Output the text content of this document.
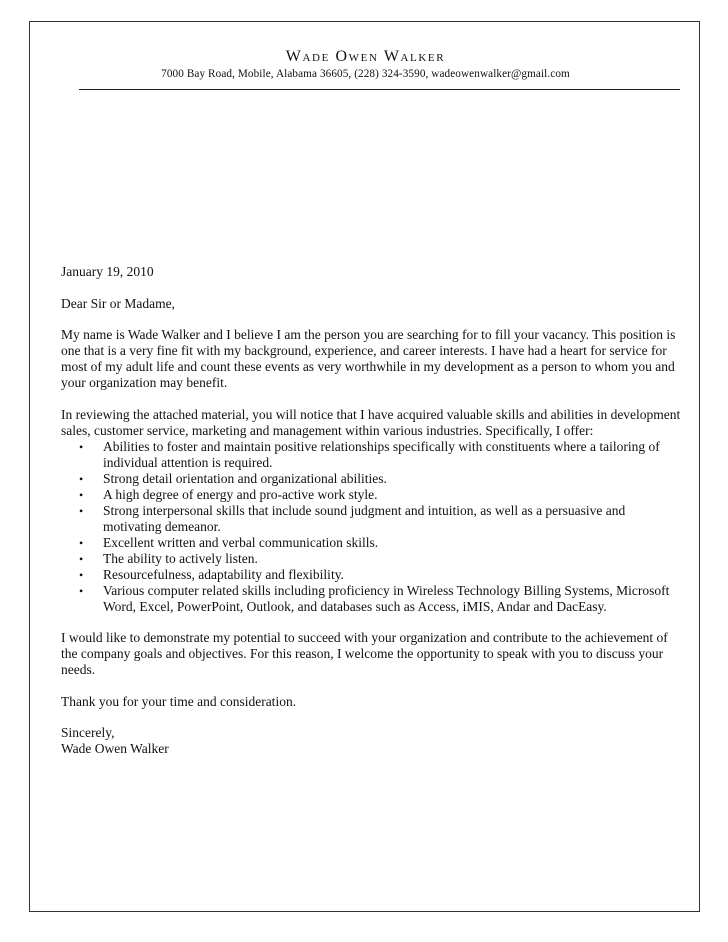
Wade Owen Walker
7000 Bay Road, Mobile, Alabama 36605, (228) 324-3590, wadeowenwalker@gmail.com

January 19, 2010

Dear Sir or Madame,

My name is Wade Walker and I believe I am the person you are searching for to fill your vacancy. This position is one that is a very fine fit with my background, experience, and career interests. I have had a heart for service for most of my adult life and count these events as very worthwhile in my development as a person to whom you and your organization may benefit.

In reviewing the attached material, you will notice that I have acquired valuable skills and abilities in development sales, customer service, marketing and management within various industries. Specifically, I offer:

• Abilities to foster and maintain positive relationships specifically with constituents where a tailoring of individual attention is required.
• Strong detail orientation and organizational abilities.
• A high degree of energy and pro-active work style.
• Strong interpersonal skills that include sound judgment and intuition, as well as a persuasive and motivating demeanor.
• Excellent written and verbal communication skills.
• The ability to actively listen.
• Resourcefulness, adaptability and flexibility.
• Various computer related skills including proficiency in Wireless Technology Billing Systems, Microsoft Word, Excel, PowerPoint, Outlook, and databases such as Access, iMIS, Andar and DacEasy.

I would like to demonstrate my potential to succeed with your organization and contribute to the achievement of the company goals and objectives. For this reason, I welcome the opportunity to speak with you to discuss your needs.

Thank you for your time and consideration.

Sincerely,

Wade Owen Walker
